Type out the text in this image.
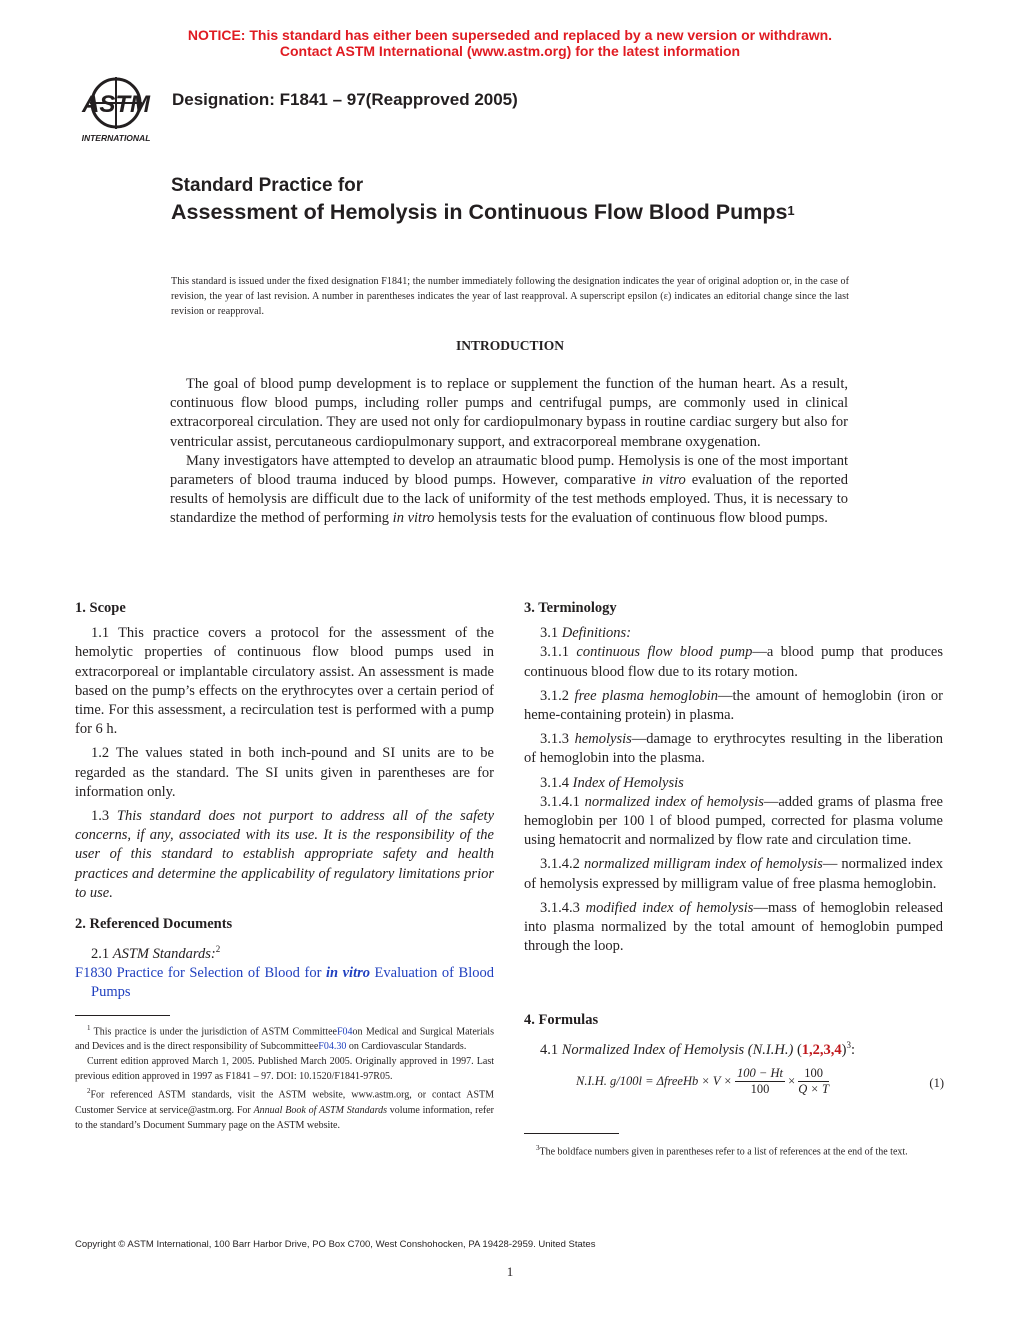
NOTICE: This standard has either been superseded and replaced by a new version or withdrawn.
Contact ASTM International (www.astm.org) for the latest information
ASTM
INTERNATIONAL
Designation: F1841 – 97(Reapproved 2005)
Standard Practice for
Assessment of Hemolysis in Continuous Flow Blood Pumps$^1$
This standard is issued under the fixed designation F1841; the number immediately following the designation indicates the year of original adoption or, in the case of revision, the year of last revision. A number in parentheses indicates the year of last reapproval. A superscript epsilon (ε) indicates an editorial change since the last revision or reapproval.
INTRODUCTION

The goal of blood pump development is to replace or supplement the function of the human heart. As a result, continuous flow blood pumps, including roller pumps and centrifugal pumps, are commonly used in clinical extracorporeal circulation. They are used not only for cardiopulmonary bypass in routine cardiac surgery but also for ventricular assist, percutaneous cardiopulmonary support, and extracorporeal membrane oxygenation.

Many investigators have attempted to develop an atraumatic blood pump. Hemolysis is one of the most important parameters of blood trauma induced by blood pumps. However, comparative in vitro evaluation of the reported results of hemolysis are difficult due to the lack of uniformity of the test methods employed. Thus, it is necessary to standardize the method of performing in vitro hemolysis tests for the evaluation of continuous flow blood pumps.

1. Scope

1.1 This practice covers a protocol for the assessment of the hemolytic properties of continuous flow blood pumps used in extracorporeal or implantable circulatory assist. An assessment is made based on the pump’s effects on the erythrocytes over a certain period of time. For this assessment, a recirculation test is performed with a pump for 6 h.

1.2 The values stated in both inch-pound and SI units are to be regarded as the standard. The SI units given in parentheses are for information only.

1.3 This standard does not purport to address all of the safety concerns, if any, associated with its use. It is the responsibility of the user of this standard to establish appropriate safety and health practices and determine the applicability of regulatory limitations prior to use.

2. Referenced Documents

2.1 ASTM Standards:$^2$

F1830 Practice for Selection of Blood for in vitro Evaluation of Blood Pumps

$^1$ This practice is under the jurisdiction of ASTM CommitteeF04on Medical and Surgical Materials and Devices and is the direct responsibility of SubcommitteeF04.30 on Cardiovascular Standards.

Current edition approved March 1, 2005. Published March 2005. Originally approved in 1997. Last previous edition approved in 1997 as F1841 – 97. DOI: 10.1520/F1841-97R05.

$^2$For referenced ASTM standards, visit the ASTM website, www.astm.org, or contact ASTM Customer Service at service@astm.org. For Annual Book of ASTM Standards volume information, refer to the standard’s Document Summary page on the ASTM website.

3. Terminology

3.1 Definitions:

3.1.1 continuous flow blood pump—a blood pump that produces continuous blood flow due to its rotary motion.

3.1.2 free plasma hemoglobin—the amount of hemoglobin (iron or heme-containing protein) in plasma.

3.1.3 hemolysis—damage to erythrocytes resulting in the liberation of hemoglobin into the plasma.

3.1.4 Index of Hemolysis

3.1.4.1 normalized index of hemolysis—added grams of plasma free hemoglobin per 100 l of blood pumped, corrected for plasma volume using hematocrit and normalized by flow rate and circulation time.

3.1.4.2 normalized milligram index of hemolysis— normalized index of hemolysis expressed by milligram value of free plasma hemoglobin.

3.1.4.3 modified index of hemolysis—mass of hemoglobin released into plasma normalized by the total amount of hemoglobin pumped through the loop.

4. Formulas

4.1 Normalized Index of Hemolysis (N.I.H.) $(1,2,3,4)^3$:

N.I.H. g/100l = ΔfreeHb × $V \times \frac{100 - Ht}{100} \times \frac{100}{Q \times T}$	(1)

$^3$The boldface numbers given in parentheses refer to a list of references at the end of the text.

Copyright © ASTM International, 100 Barr Harbor Drive, PO Box C700, West Conshohocken, PA 19428-2959. United States
1
